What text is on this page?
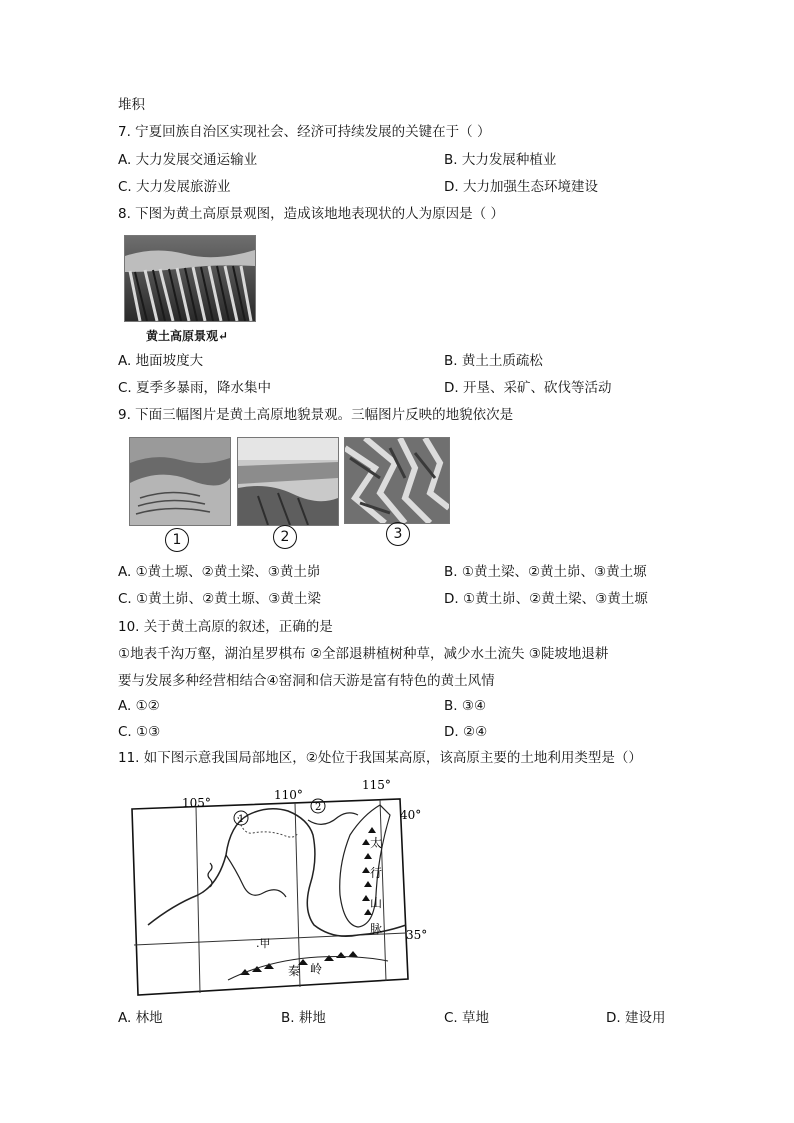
堆积
7. 宁夏回族自治区实现社会、经济可持续发展的关键在于（ ）
A. 大力发展交通运输业	B. 大力发展种植业
C. 大力发展旅游业	D. 大力加强生态环境建设
8. 下图为黄土高原景观图，造成该地地表现状的人为原因是（ ）
黄土高原景观↵
A. 地面坡度大	B. 黄土土质疏松
C. 夏季多暴雨，降水集中	D. 开垦、采矿、砍伐等活动
9. 下面三幅图片是黄土高原地貌景观。三幅图片反映的地貌依次是
1	2	3
A. ①黄土塬、②黄土梁、③黄土峁	B. ①黄土梁、②黄土峁、③黄土塬
C. ①黄土峁、②黄土塬、③黄土梁	D. ①黄土峁、②黄土梁、③黄土塬
10. 关于黄土高原的叙述，正确的是
①地表千沟万壑，湖泊星罗棋布 ②全部退耕植树种草，减少水土流失 ③陡坡地退耕
要与发展多种经营相结合④窑洞和信天游是富有特色的黄土风情
A. ①②	B. ③④
C. ①③	D. ②④
11. 如下图示意我国局部地区，②处位于我国某高原，该高原主要的土地利用类型是（）
105°
110°
115°
40°
35°
1
2
.甲
太
行
山
脉
秦 岭
A. 林地	B. 耕地	C. 草地	D. 建设用
